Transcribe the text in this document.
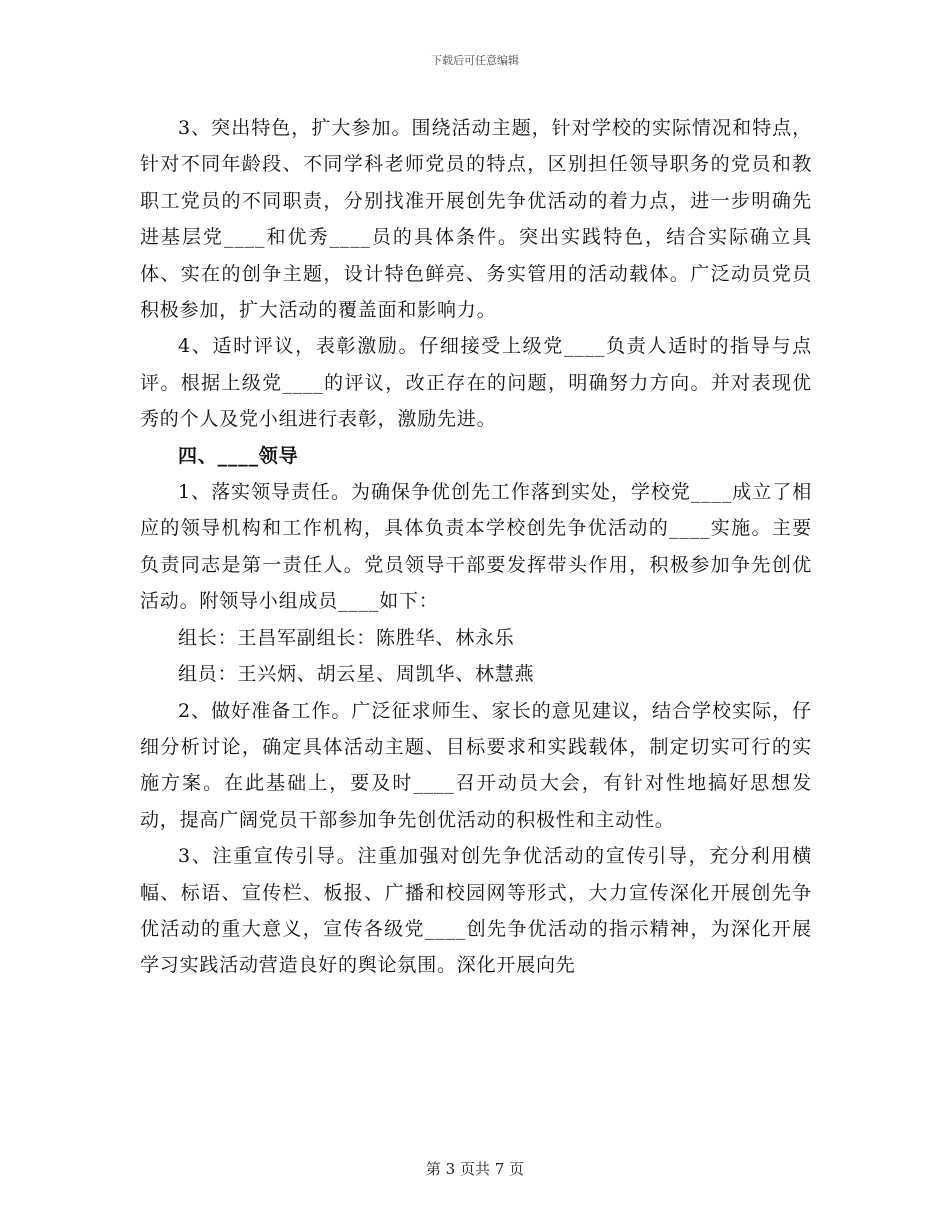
下载后可任意编辑

3、突出特色，扩大参加。围绕活动主题，针对学校的实际情况和特点，针对不同年龄段、不同学科老师党员的特点，区别担任领导职务的党员和教职工党员的不同职责，分别找准开展创先争优活动的着力点，进一步明确先进基层党____和优秀____员的具体条件。突出实践特色，结合实际确立具体、实在的创争主题，设计特色鲜亮、务实管用的活动载体。广泛动员党员积极参加，扩大活动的覆盖面和影响力。

4、适时评议，表彰激励。仔细接受上级党____负责人适时的指导与点评。根据上级党____的评议，改正存在的问题，明确努力方向。并对表现优秀的个人及党小组进行表彰，激励先进。

四、____领导

1、落实领导责任。为确保争优创先工作落到实处，学校党____成立了相应的领导机构和工作机构，具体负责本学校创先争优活动的____实施。主要负责同志是第一责任人。党员领导干部要发挥带头作用，积极参加争先创优活动。附领导小组成员____如下：

组长：王昌军副组长：陈胜华、林永乐

组员：王兴炳、胡云星、周凯华、林慧燕

2、做好准备工作。广泛征求师生、家长的意见建议，结合学校实际，仔细分析讨论，确定具体活动主题、目标要求和实践载体，制定切实可行的实施方案。在此基础上，要及时____召开动员大会，有针对性地搞好思想发动，提高广阔党员干部参加争先创优活动的积极性和主动性。

3、注重宣传引导。注重加强对创先争优活动的宣传引导，充分利用横幅、标语、宣传栏、板报、广播和校园网等形式，大力宣传深化开展创先争优活动的重大意义，宣传各级党____创先争优活动的指示精神，为深化开展学习实践活动营造良好的舆论氛围。深化开展向先

第 3 页共 7 页
